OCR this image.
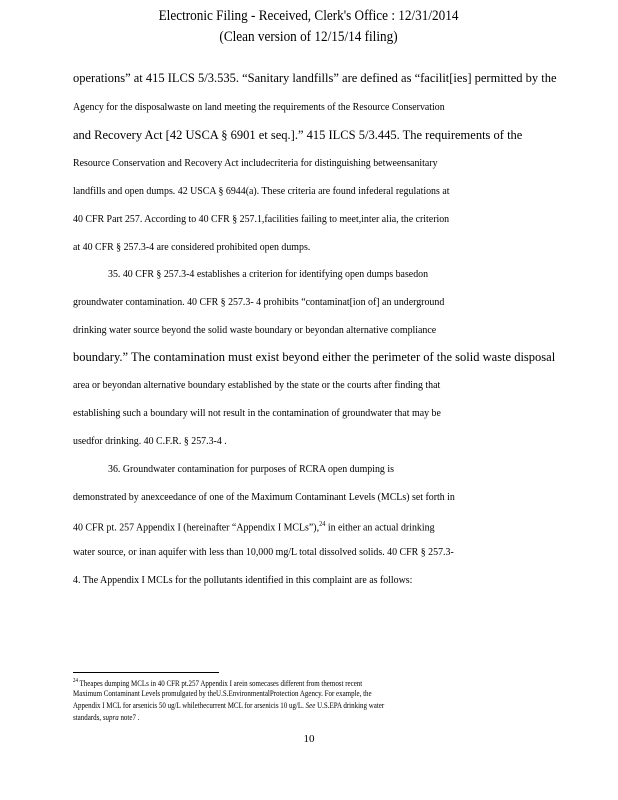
Electronic Filing - Received, Clerk's Office : 12/31/2014
(Clean version of 12/15/14 filing)
operations” at 415 ILCS 5/3.535. “Sanitary landfills” are defined as “facilit[ies] permitted by the
Agency for the disposalwaste on land meeting the requirements of the Resource Conservation
and Recovery Act [42 USCA § 6901 et seq.].” 415 ILCS 5/3.445. The requirements of the
Resource Conservation and Recovery Act includecriteria for distinguishing betweensanitary
landfills and open dumps. 42 USCA § 6944(a). These criteria are found infederal regulations at
40 CFR Part 257. According to 40 CFR § 257.1,facilities failing to meet,inter alia, the criterion
at 40 CFR § 257.3-4 are considered prohibited open dumps.
35. 40 CFR § 257.3-4 establishes a criterion for identifying open dumps basedon
groundwater contamination. 40 CFR § 257.3- 4 prohibits “contaminat[ion of] an underground
drinking water source beyond the solid waste boundary or beyondan alternative compliance
boundary.” The contamination must exist beyond either the perimeter of the solid waste disposal
area or beyondan alternative boundary established by the state or the courts after finding that
establishing such a boundary will not result in the contamination of groundwater that may be
usedfor drinking. 40 C.F.R. § 257.3-4 .
36. Groundwater contamination for purposes of RCRA open dumping is
demonstrated by anexceedance of one of the Maximum Contaminant Levels (MCLs) set forth in
40 CFR pt. 257 Appendix I (hereinafter “Appendix I MCLs”),$^{24}$ in either an actual drinking
water source, or inan aquifer with less than 10,000 mg/L total dissolved solids. 40 CFR § 257.3-
4. The Appendix I MCLs for the pollutants identified in this complaint are as follows:
$^{24}$ Theapes dumping MCLs in 40 CFR pt.257 Appendix I arein somecases different from themost recent
Maximum Contaminant Levels promulgated by theU.S.EnvironmentalProtection Agency. For example, the
Appendix I MCL for arsenicis 50 ug/L whilethecurrent MCL for arsenicis 10 ug/L. See U.S.EPA drinking water
standards, supra note7 .
10
